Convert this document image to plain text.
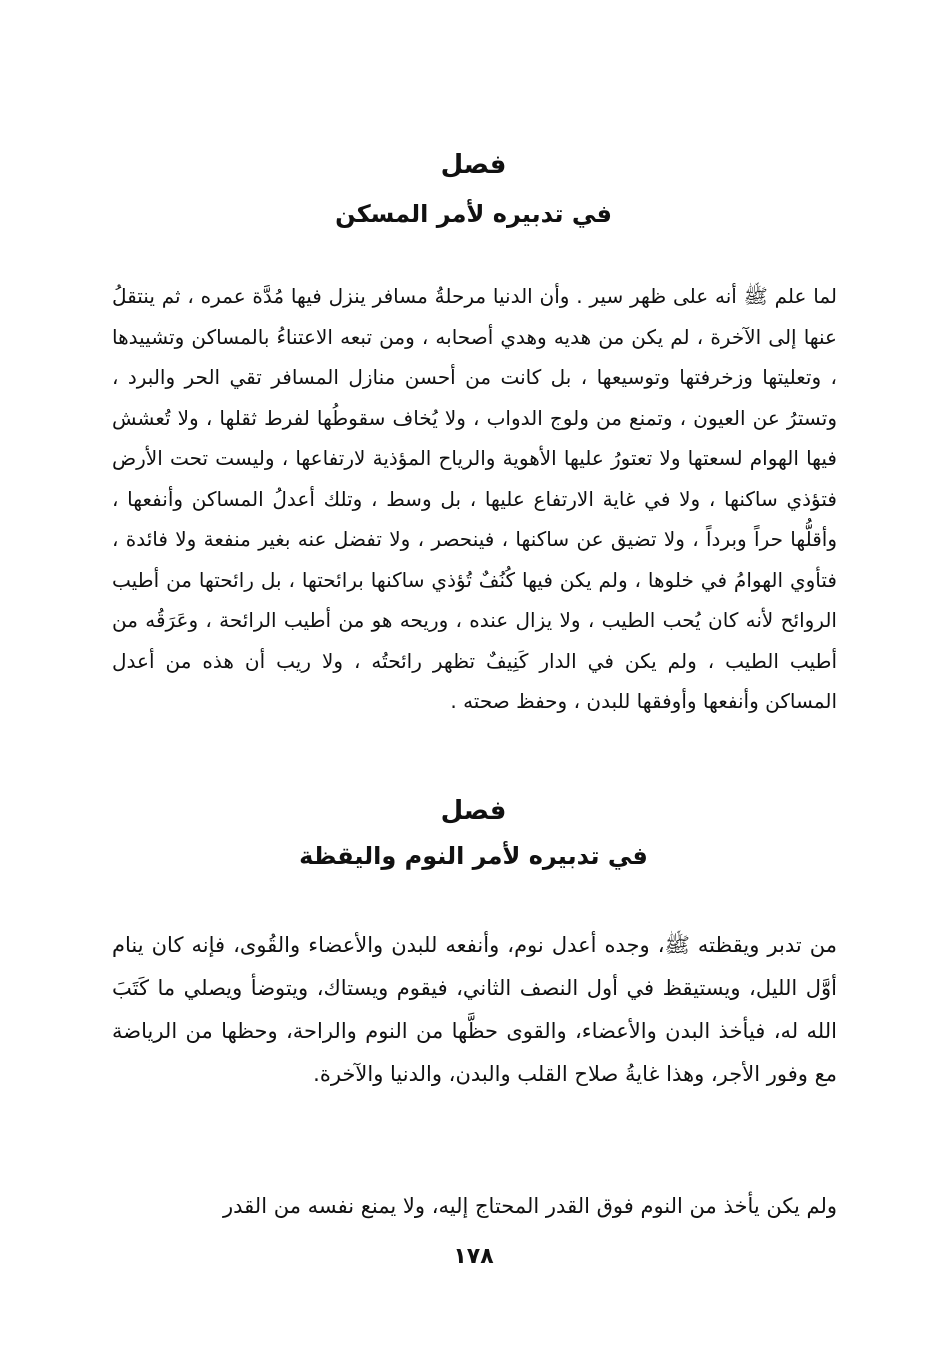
فصل
في تدبيره لأمر المسكن

لما علم ﷺ أنه على ظهر سير . وأن الدنيا مرحلةُ مسافر ينزل فيها مُدَّة عمره ، ثم ينتقلُ عنها إلى الآخرة ، لم يكن من هديه وهدي أصحابه ، ومن تبعه الاعتناءُ بالمساكن وتشييدها ، وتعليتها وزخرفتها وتوسيعها ، بل كانت من أحسن منازل المسافر تقي الحر والبرد ، وتسترُ عن العيون ، وتمنع من ولوج الدواب ، ولا يُخاف سقوطُها لفرط ثقلها ، ولا تُعشش فيها الهوام لسعتها ولا تعتورُ عليها الأهوية والرياح المؤذية لارتفاعها ، وليست تحت الأرض فتؤذي ساكنها ، ولا في غاية الارتفاع عليها ، بل وسط ، وتلك أعدلُ المساكن وأنفعها ، وأقلُّها حراً وبرداً ، ولا تضيق عن ساكنها ، فينحصر ، ولا تفضل عنه بغير منفعة ولا فائدة ، فتأوي الهوامُ في خلوها ، ولم يكن فيها كُنُفٌ تُؤذي ساكنها برائحتها ، بل رائحتها من أطيب الروائح لأنه كان يُحب الطيب ، ولا يزال عنده ، وريحه هو من أطيب الرائحة ، وعَرَقُه من أطيب الطيب ، ولم يكن في الدار كَنِيفٌ تظهر رائحتُه ، ولا ريب أن هذه من أعدل المساكن وأنفعها وأوفقها للبدن ، وحفظ صحته .

فصل
في تدبيره لأمر النوم واليقظة

من تدبر ويقظته ﷺ، وجده أعدل نوم، وأنفعه للبدن والأعضاء والقُوى، فإنه كان ينام أوَّل الليل، ويستيقظ في أول النصف الثاني، فيقوم ويستاك، ويتوضأ ويصلي ما كَتَبَ الله له، فيأخذ البدن والأعضاء، والقوى حظَّها من النوم والراحة، وحظها من الرياضة مع وفور الأجر، وهذا غايةُ صلاح القلب والبدن، والدنيا والآخرة.

ولم يكن يأخذ من النوم فوق القدر المحتاج إليه، ولا يمنع نفسه من القدر

١٧٨
